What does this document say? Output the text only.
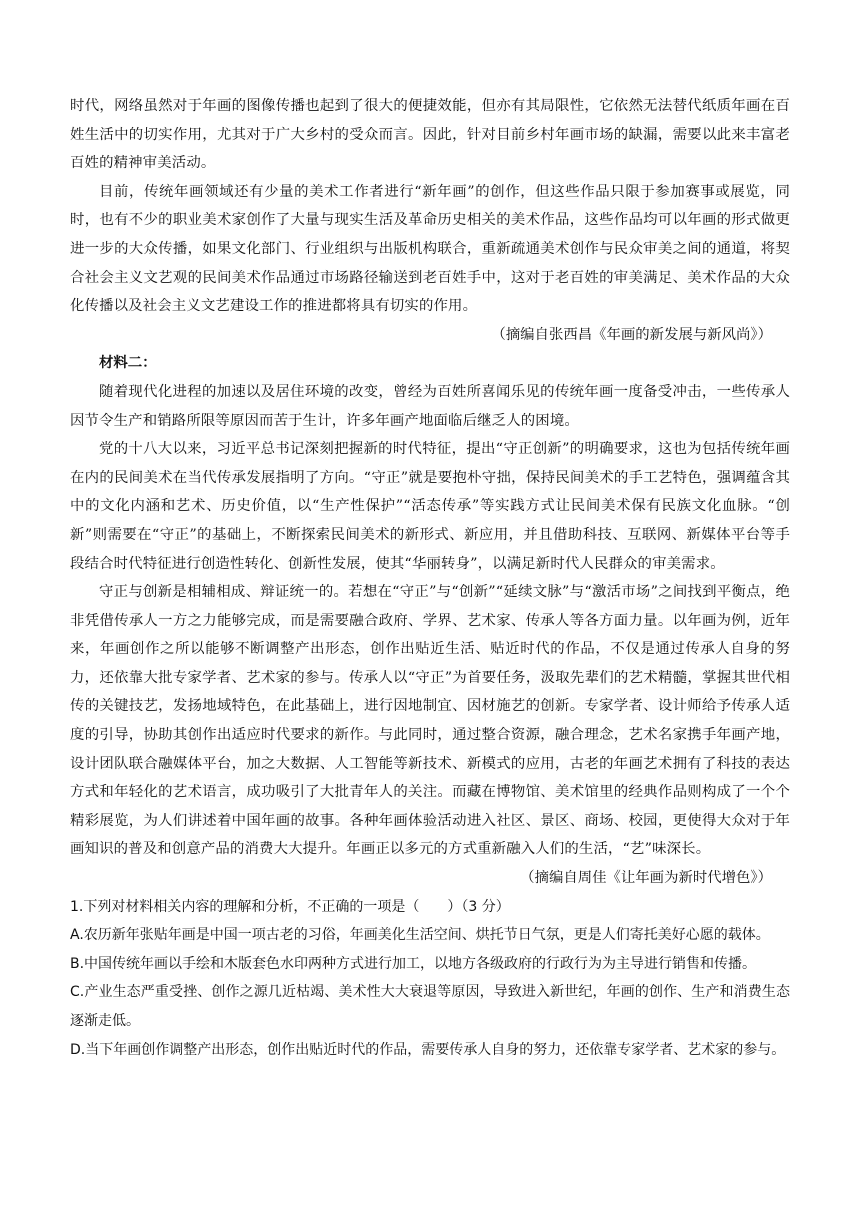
时代，网络虽然对于年画的图像传播也起到了很大的便捷效能，但亦有其局限性，它依然无法替代纸质年画在百姓生活中的切实作用，尤其对于广大乡村的受众而言。因此，针对目前乡村年画市场的缺漏，需要以此来丰富老百姓的精神审美活动。

目前，传统年画领域还有少量的美术工作者进行“新年画”的创作，但这些作品只限于参加赛事或展览，同时，也有不少的职业美术家创作了大量与现实生活及革命历史相关的美术作品，这些作品均可以年画的形式做更进一步的大众传播，如果文化部门、行业组织与出版机构联合，重新疏通美术创作与民众审美之间的通道，将契合社会主义文艺观的民间美术作品通过市场路径输送到老百姓手中，这对于老百姓的审美满足、美术作品的大众化传播以及社会主义文艺建设工作的推进都将具有切实的作用。

（摘编自张西昌《年画的新发展与新风尚》）

材料二：

随着现代化进程的加速以及居住环境的改变，曾经为百姓所喜闻乐见的传统年画一度备受冲击，一些传承人因节令生产和销路所限等原因而苦于生计，许多年画产地面临后继乏人的困境。

党的十八大以来，习近平总书记深刻把握新的时代特征，提出“守正创新”的明确要求，这也为包括传统年画在内的民间美术在当代传承发展指明了方向。“守正”就是要抱朴守拙，保持民间美术的手工艺特色，强调蕴含其中的文化内涵和艺术、历史价值，以“生产性保护”“活态传承”等实践方式让民间美术保有民族文化血脉。“创新”则需要在“守正”的基础上，不断探索民间美术的新形式、新应用，并且借助科技、互联网、新媒体平台等手段结合时代特征进行创造性转化、创新性发展，使其“华丽转身”，以满足新时代人民群众的审美需求。

守正与创新是相辅相成、辩证统一的。若想在“守正”与“创新”“延续文脉”与“激活市场”之间找到平衡点，绝非凭借传承人一方之力能够完成，而是需要融合政府、学界、艺术家、传承人等各方面力量。以年画为例，近年来，年画创作之所以能够不断调整产出形态，创作出贴近生活、贴近时代的作品，不仅是通过传承人自身的努力，还依靠大批专家学者、艺术家的参与。传承人以“守正”为首要任务，汲取先辈们的艺术精髓，掌握其世代相传的关键技艺，发扬地域特色，在此基础上，进行因地制宜、因材施艺的创新。专家学者、设计师给予传承人适度的引导，协助其创作出适应时代要求的新作。与此同时，通过整合资源，融合理念，艺术名家携手年画产地，设计团队联合融媒体平台，加之大数据、人工智能等新技术、新模式的应用，古老的年画艺术拥有了科技的表达方式和年轻化的艺术语言，成功吸引了大批青年人的关注。而藏在博物馆、美术馆里的经典作品则构成了一个个精彩展览，为人们讲述着中国年画的故事。各种年画体验活动进入社区、景区、商场、校园，更使得大众对于年画知识的普及和创意产品的消费大大提升。年画正以多元的方式重新融入人们的生活，“艺”味深长。

（摘编自周佳《让年画为新时代增色》）

1.下列对材料相关内容的理解和分析，不正确的一项是（　　）（3 分）

A.农历新年张贴年画是中国一项古老的习俗，年画美化生活空间、烘托节日气氛，更是人们寄托美好心愿的载体。

B.中国传统年画以手绘和木版套色水印两种方式进行加工，以地方各级政府的行政行为为主导进行销售和传播。

C.产业生态严重受挫、创作之源几近枯竭、美术性大大衰退等原因，导致进入新世纪，年画的创作、生产和消费生态逐渐走低。

D.当下年画创作调整产出形态，创作出贴近时代的作品，需要传承人自身的努力，还依靠专家学者、艺术家的参与。
